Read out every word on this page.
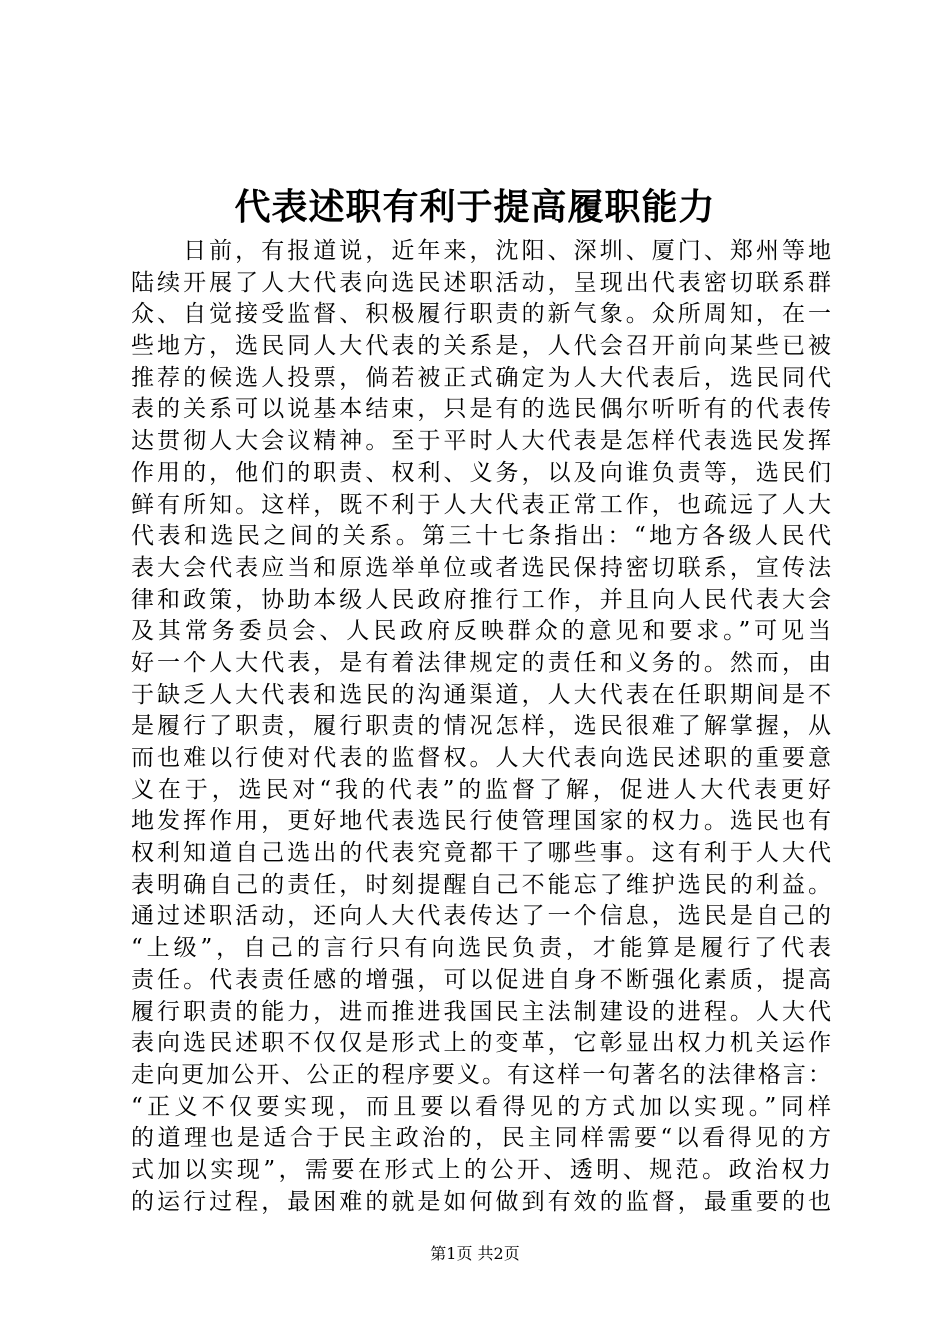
代表述职有利于提高履职能力
　　日前，有报道说，近年来，沈阳、深圳、厦门、郑州等地
陆续开展了人大代表向选民述职活动，呈现出代表密切联系群
众、自觉接受监督、积极履行职责的新气象。众所周知，在一
些地方，选民同人大代表的关系是，人代会召开前向某些已被
推荐的候选人投票，倘若被正式确定为人大代表后，选民同代
表的关系可以说基本结束，只是有的选民偶尔听听有的代表传
达贯彻人大会议精神。至于平时人大代表是怎样代表选民发挥
作用的，他们的职责、权利、义务，以及向谁负责等，选民们
鲜有所知。这样，既不利于人大代表正常工作，也疏远了人大
代表和选民之间的关系。第三十七条指出：“地方各级人民代
表大会代表应当和原选举单位或者选民保持密切联系，宣传法
律和政策，协助本级人民政府推行工作，并且向人民代表大会
及其常务委员会、人民政府反映群众的意见和要求。”可见当
好一个人大代表，是有着法律规定的责任和义务的。然而，由
于缺乏人大代表和选民的沟通渠道，人大代表在任职期间是不
是履行了职责，履行职责的情况怎样，选民很难了解掌握，从
而也难以行使对代表的监督权。人大代表向选民述职的重要意
义在于，选民对“我的代表”的监督了解，促进人大代表更好
地发挥作用，更好地代表选民行使管理国家的权力。选民也有
权利知道自己选出的代表究竟都干了哪些事。这有利于人大代
表明确自己的责任，时刻提醒自己不能忘了维护选民的利益。
通过述职活动，还向人大代表传达了一个信息，选民是自己的
“上级”，自己的言行只有向选民负责，才能算是履行了代表
责任。代表责任感的增强，可以促进自身不断强化素质，提高
履行职责的能力，进而推进我国民主法制建设的进程。人大代
表向选民述职不仅仅是形式上的变革，它彰显出权力机关运作
走向更加公开、公正的程序要义。有这样一句著名的法律格言：
“正义不仅要实现，而且要以看得见的方式加以实现。”同样
的道理也是适合于民主政治的，民主同样需要“以看得见的方
式加以实现”，需要在形式上的公开、透明、规范。政治权力
的运行过程，最困难的就是如何做到有效的监督，最重要的也
第1页 共2页
